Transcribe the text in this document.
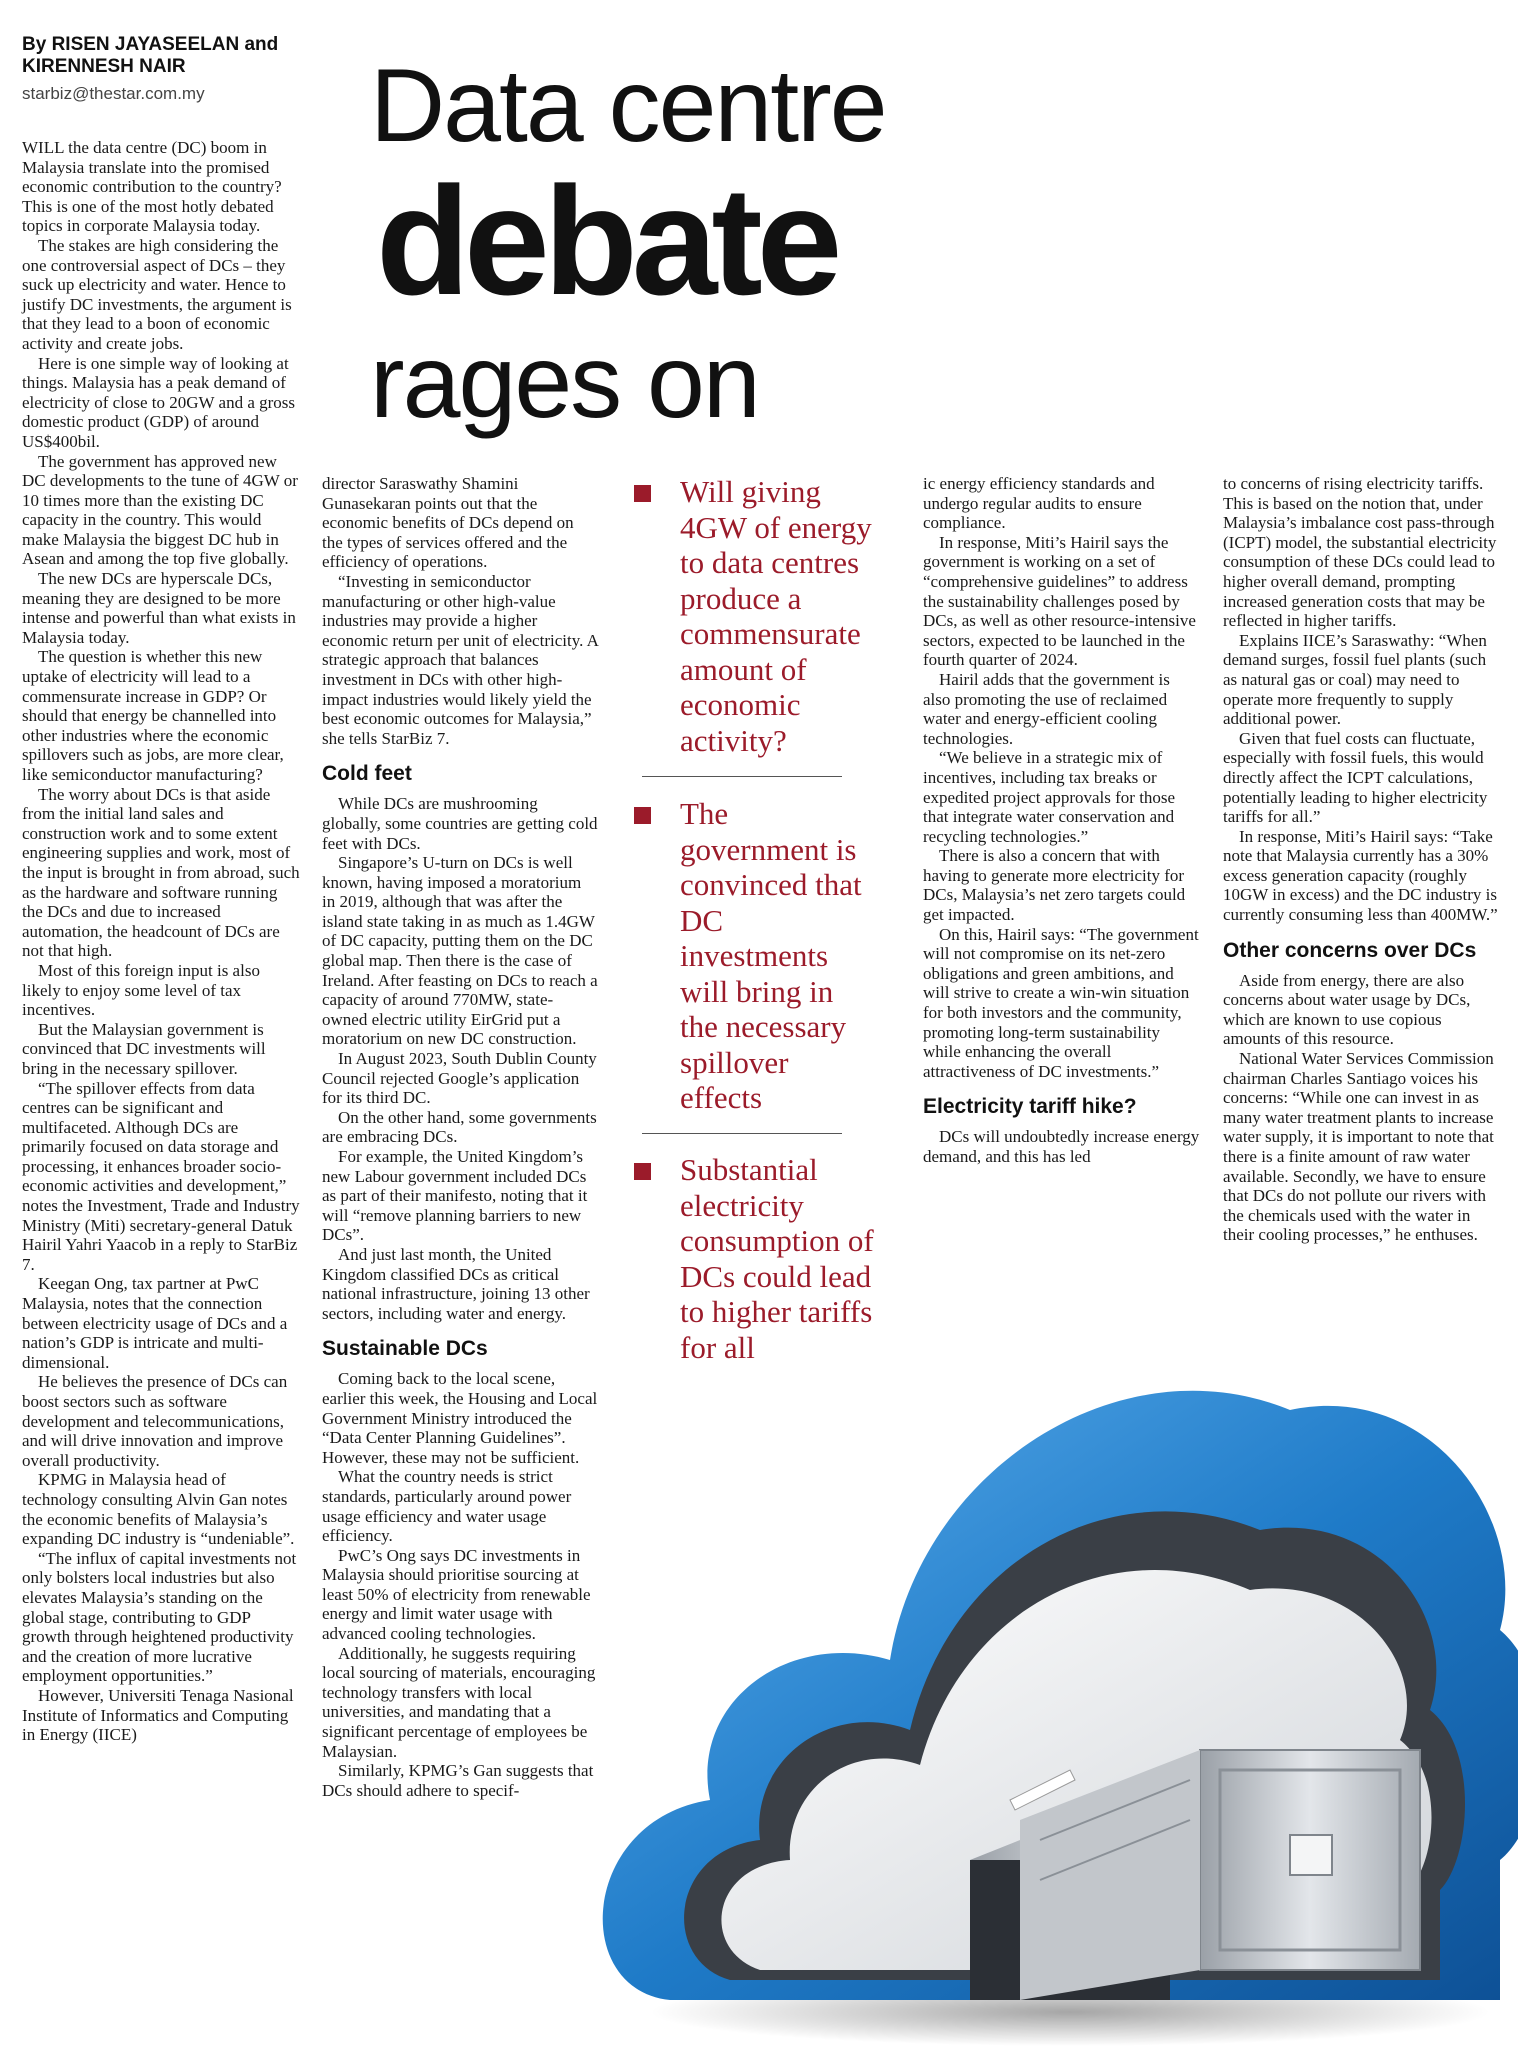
By RISEN JAYASEELAN and
KIRENNESH NAIR
starbiz@thestar.com.my Data centre
debate
rages on

WILL the data centre (DC) boom in Malaysia translate into the promised economic contribution to the country? This is one of the most hotly debated topics in corporate Malaysia today.

The stakes are high considering the one controversial aspect of DCs – they suck up electricity and water. Hence to justify DC investments, the argument is that they lead to a boon of economic activity and create jobs.

Here is one simple way of looking at things. Malaysia has a peak demand of electricity of close to 20GW and a gross domestic product (GDP) of around US$400bil.

The government has approved new DC developments to the tune of 4GW or 10 times more than the existing DC capacity in the country. This would make Malaysia the biggest DC hub in Asean and among the top five globally.

The new DCs are hyperscale DCs, meaning they are designed to be more intense and powerful than what exists in Malaysia today.

The question is whether this new uptake of electricity will lead to a commensurate increase in GDP? Or should that energy be channelled into other industries where the economic spillovers such as jobs, are more clear, like semiconductor manufacturing?

The worry about DCs is that aside from the initial land sales and construction work and to some extent engineering supplies and work, most of the input is brought in from abroad, such as the hardware and software running the DCs and due to increased automation, the headcount of DCs are not that high.

Most of this foreign input is also likely to enjoy some level of tax incentives.

But the Malaysian government is convinced that DC investments will bring in the necessary spillover.

“The spillover effects from data centres can be significant and multifaceted. Although DCs are primarily focused on data storage and processing, it enhances broader socio-economic activities and development,” notes the Investment, Trade and Industry Ministry (Miti) secretary-general Datuk Hairil Yahri Yaacob in a reply to StarBiz 7.

Keegan Ong, tax partner at PwC Malaysia, notes that the connection between electricity usage of DCs and a nation’s GDP is intricate and multi-dimensional.

He believes the presence of DCs can boost sectors such as software development and telecommunications, and will drive innovation and improve overall productivity.

KPMG in Malaysia head of technology consulting Alvin Gan notes the economic benefits of Malaysia’s expanding DC industry is “undeniable”.

“The influx of capital investments not only bolsters local industries but also elevates Malaysia’s standing on the global stage, contributing to GDP growth through heightened productivity and the creation of more lucrative employment opportunities.”

However, Universiti Tenaga Nasional Institute of Informatics and Computing in Energy (IICE)

director Saraswathy Shamini Gunasekaran points out that the economic benefits of DCs depend on the types of services offered and the efficiency of operations.

“Investing in semiconductor manufacturing or other high-value industries may provide a higher economic return per unit of electricity. A strategic approach that balances investment in DCs with other high-impact industries would likely yield the best economic outcomes for Malaysia,” she tells StarBiz 7.

Cold feet

While DCs are mushrooming globally, some countries are getting cold feet with DCs.

Singapore’s U-turn on DCs is well known, having imposed a moratorium in 2019, although that was after the island state taking in as much as 1.4GW of DC capacity, putting them on the DC global map. Then there is the case of Ireland. After feasting on DCs to reach a capacity of around 770MW, state-owned electric utility EirGrid put a moratorium on new DC construction.

In August 2023, South Dublin County Council rejected Google’s application for its third DC.

On the other hand, some governments are embracing DCs.

For example, the United Kingdom’s new Labour government included DCs as part of their manifesto, noting that it will “remove planning barriers to new DCs”.

And just last month, the United Kingdom classified DCs as critical national infrastructure, joining 13 other sectors, including water and energy.

Sustainable DCs

Coming back to the local scene, earlier this week, the Housing and Local Government Ministry introduced the “Data Center Planning Guidelines”. However, these may not be sufficient.

What the country needs is strict standards, particularly around power usage efficiency and water usage efficiency.

PwC’s Ong says DC investments in Malaysia should prioritise sourcing at least 50% of electricity from renewable energy and limit water usage with advanced cooling technologies.

Additionally, he suggests requiring local sourcing of materials, encouraging technology transfers with local universities, and mandating that a significant percentage of employees be Malaysian.

Similarly, KPMG’s Gan suggests that DCs should adhere to specif-

Will giving 4GW of energy to data centres produce a commensurate amount of economic activity?
The government is convinced that DC investments will bring in the necessary spillover effects
Substantial electricity consumption of DCs could lead to higher tariffs for all

ic energy efficiency standards and undergo regular audits to ensure compliance.

In response, Miti’s Hairil says the government is working on a set of “comprehensive guidelines” to address the sustainability challenges posed by DCs, as well as other resource-intensive sectors, expected to be launched in the fourth quarter of 2024.

Hairil adds that the government is also promoting the use of reclaimed water and energy-efficient cooling technologies.

“We believe in a strategic mix of incentives, including tax breaks or expedited project approvals for those that integrate water conservation and recycling technologies.”

There is also a concern that with having to generate more electricity for DCs, Malaysia’s net zero targets could get impacted.

On this, Hairil says: “The government will not compromise on its net-zero obligations and green ambitions, and will strive to create a win-win situation for both investors and the community, promoting long-term sustainability while enhancing the overall attractiveness of DC investments.”

Electricity tariff hike?

DCs will undoubtedly increase energy demand, and this has led

to concerns of rising electricity tariffs. This is based on the notion that, under Malaysia’s imbalance cost pass-through (ICPT) model, the substantial electricity consumption of these DCs could lead to higher overall demand, prompting increased generation costs that may be reflected in higher tariffs.

Explains IICE’s Saraswathy: “When demand surges, fossil fuel plants (such as natural gas or coal) may need to operate more frequently to supply additional power.

Given that fuel costs can fluctuate, especially with fossil fuels, this would directly affect the ICPT calculations, potentially leading to higher electricity tariffs for all.”

In response, Miti’s Hairil says: “Take note that Malaysia currently has a 30% excess generation capacity (roughly 10GW in excess) and the DC industry is currently consuming less than 400MW.”

Other concerns over DCs

Aside from energy, there are also concerns about water usage by DCs, which are known to use copious amounts of this resource.

National Water Services Commission chairman Charles Santiago voices his concerns: “While one can invest in as many water treatment plants to increase water supply, it is important to note that there is a finite amount of raw water available. Secondly, we have to ensure that DCs do not pollute our rivers with the chemicals used with the water in their cooling processes,” he enthuses.
